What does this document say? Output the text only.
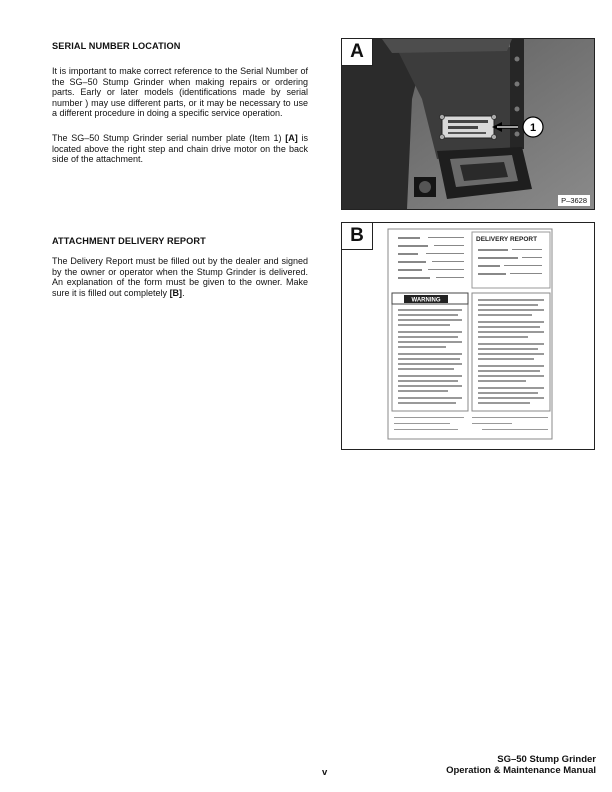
SERIAL NUMBER LOCATION

It is important to make correct reference to the Serial Number of the SG–50 Stump Grinder when making repairs or ordering parts. Early or later models (identifications made by serial number ) may use different parts, or it may be necessary to use a different procedure in doing a specific service operation.

The SG–50 Stump Grinder serial number plate (Item 1) [A] is located above the right step and chain drive motor on the back side of the attachment.

ATTACHMENT DELIVERY REPORT

The Delivery Report must be filled out by the dealer and signed by the owner or operator when the Stump Grinder is delivered. An explanation of the form must be given to the owner. Make sure it is filled out completely [B].

A
1
P–3628
B	DELIVERY REPORT
WARNING
v
SG–50 Stump Grinder
Operation & Maintenance Manual
